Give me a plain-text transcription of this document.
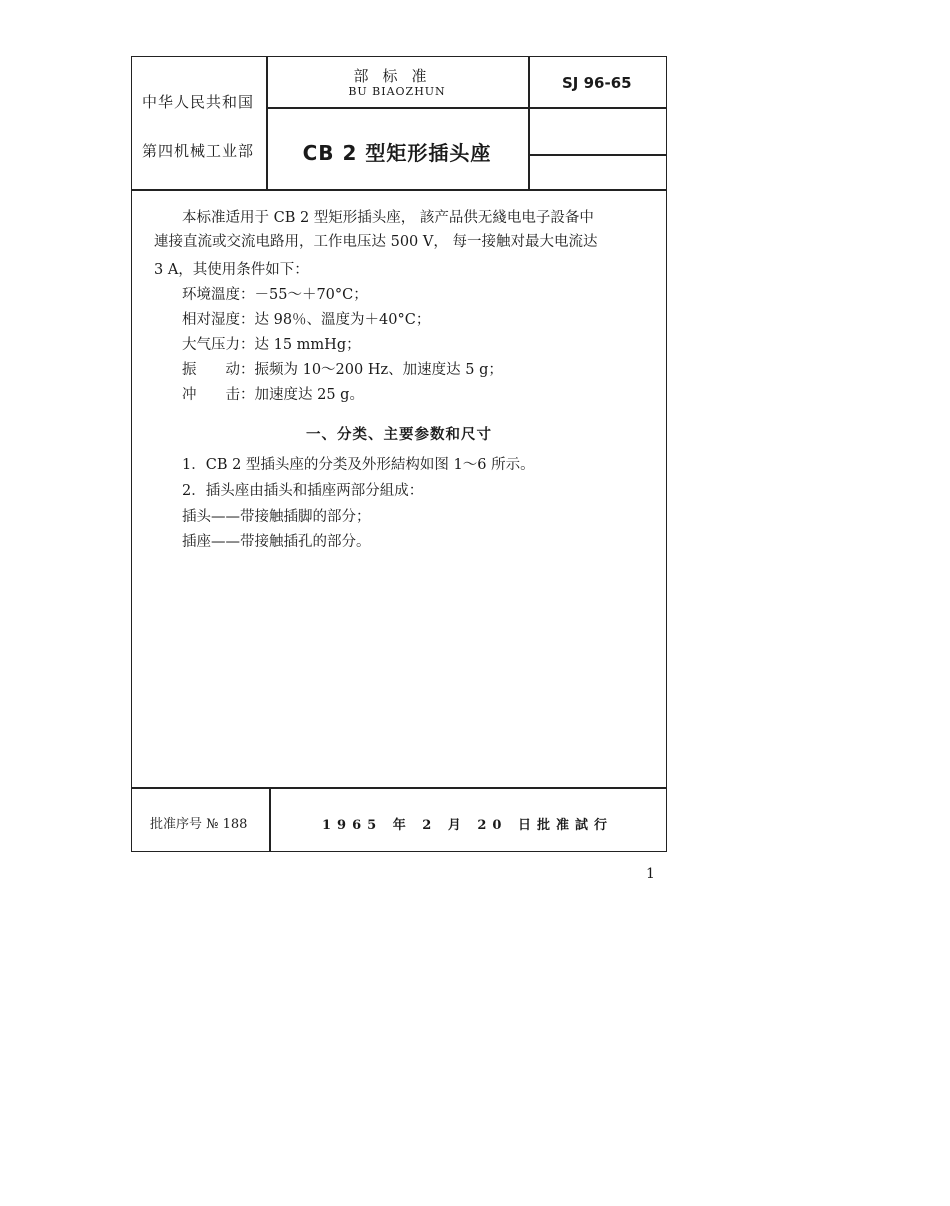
中华人民共和国
第四机械工业部
部标准
BU BIAOZHUN	SJ 96-65
CB 2 型矩形插头座
本标准适用于 CB 2 型矩形插头座， 該产品供无綫电电子設备中
連接直流或交流电路用，工作电压达 500 V， 每一接触对最大电流达
3 A，其使用条件如下：
环境溫度：－55～＋70°C；
相对湿度：达 98％、溫度为＋40°C；
大气压力：达 15 mmHg；
振　　动：振频为 10～200 Hz、加速度达 5 g；
冲　　击：加速度达 25 g。
一、分类、主要参数和尺寸
1．CB 2 型插头座的分类及外形結构如图 1～6 所示。
2．插头座由插头和插座两部分組成：
插头——带接触插脚的部分；
插座——带接触插孔的部分。
批准序号 № 188	1965 年 2 月 20 日批准試行
1
